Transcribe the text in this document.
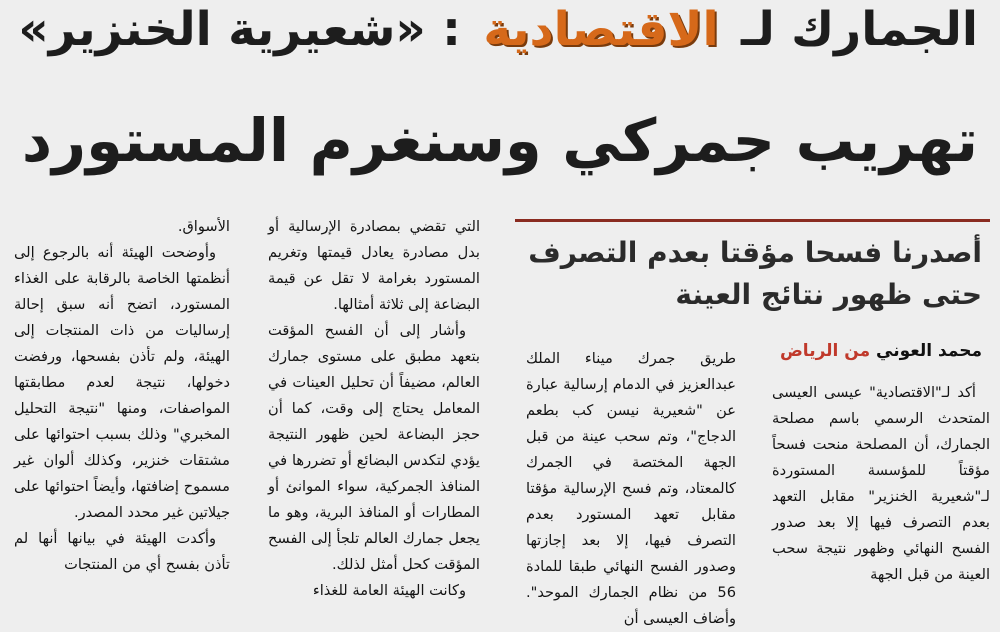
الجمارك لـ الاقتصادية : «شعيرية الخنزير»
تهريب جمركي وسنغرم المستورد
أصدرنا فسحا مؤقتا بعدم التصرف حتى ظهور نتائج العينة
محمد العوني من الرياض

أكد لـ"الاقتصادية" عيسى العيسى المتحدث الرسمي باسم مصلحة الجمارك، أن المصلحة منحت فسحاً مؤقتاً للمؤسسة المستوردة لـ"شعيرية الخنزير" مقابل التعهد بعدم التصرف فيها إلا بعد صدور الفسح النهائي وظهور نتيجة سحب العينة من قبل الجهة

طريق جمرك ميناء الملك عبدالعزيز في الدمام إرسالية عبارة عن "شعيرية نيسن كب بطعم الدجاج"، وتم سحب عينة من قبل الجهة المختصة في الجمرك كالمعتاد، وتم فسح الإرسالية مؤقتا مقابل تعهد المستورد بعدم التصرف فيها، إلا بعد إجازتها وصدور الفسح النهائي طبقا للمادة 56 من نظام الجمارك الموحد". وأضاف العيسى أن

التي تقضي بمصادرة الإرسالية أو بدل مصادرة يعادل قيمتها وتغريم المستورد بغرامة لا تقل عن قيمة البضاعة إلى ثلاثة أمثالها.

وأشار إلى أن الفسح المؤقت بتعهد مطبق على مستوى جمارك العالم، مضيفاً أن تحليل العينات في المعامل يحتاج إلى وقت، كما أن حجز البضاعة لحين ظهور النتيجة يؤدي لتكدس البضائع أو تضررها في المنافذ الجمركية، سواء الموانئ أو المطارات أو المنافذ البرية، وهو ما يجعل جمارك العالم تلجأ إلى الفسح المؤقت كحل أمثل لذلك.

وكانت الهيئة العامة للغذاء

الأسواق.

وأوضحت الهيئة أنه بالرجوع إلى أنظمتها الخاصة بالرقابة على الغذاء المستورد، اتضح أنه سبق إحالة إرساليات من ذات المنتجات إلى الهيئة، ولم تأذن بفسحها، ورفضت دخولها، نتيجة لعدم مطابقتها المواصفات، ومنها "نتيجة التحليل المخبري" وذلك بسبب احتوائها على مشتقات خنزير، وكذلك ألوان غير مسموح إضافتها، وأيضاً احتوائها على جيلاتين غير محدد المصدر.

وأكدت الهيئة في بيانها أنها لم تأذن بفسح أي من المنتجات
